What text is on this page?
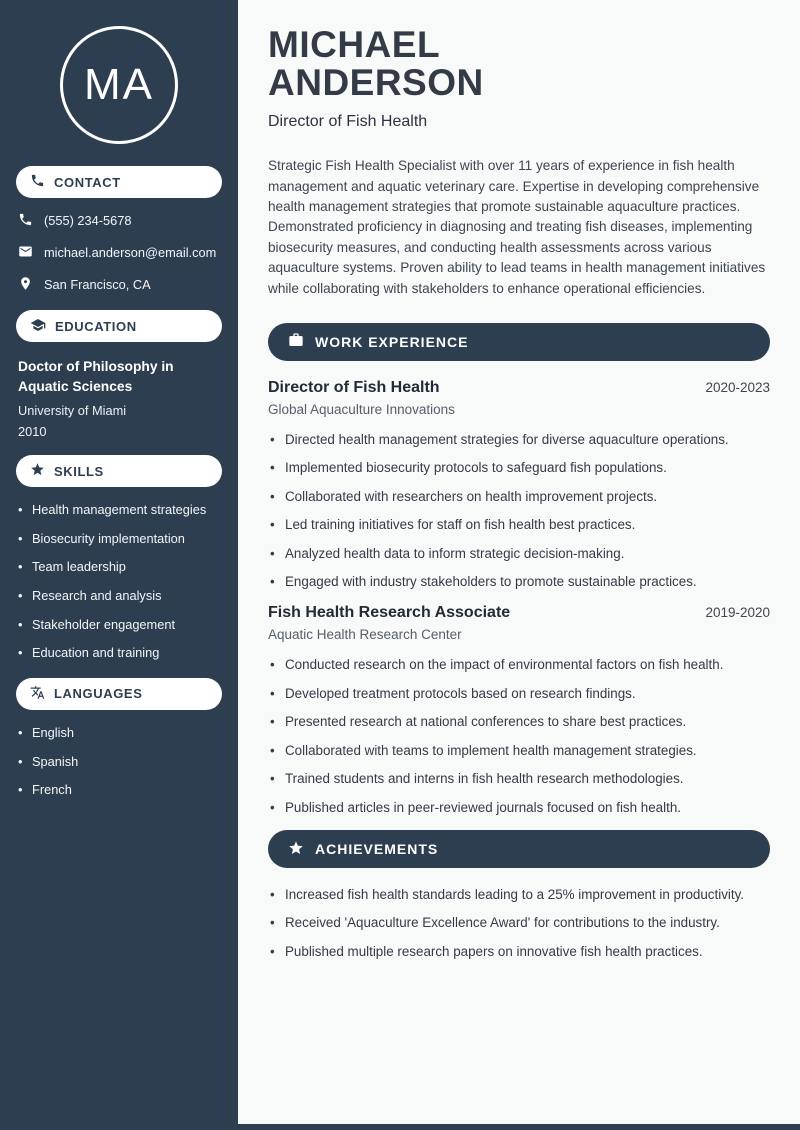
MA
CONTACT
(555) 234-5678
michael.anderson@email.com
San Francisco, CA
EDUCATION
Doctor of Philosophy in Aquatic Sciences
University of Miami
2010
SKILLS
• Health management strategies
• Biosecurity implementation
• Team leadership
• Research and analysis
• Stakeholder engagement
• Education and training
LANGUAGES
• English
• Spanish
• French
MICHAEL
ANDERSON
Director of Fish Health

Strategic Fish Health Specialist with over 11 years of experience in fish health management and aquatic veterinary care. Expertise in developing comprehensive health management strategies that promote sustainable aquaculture practices. Demonstrated proficiency in diagnosing and treating fish diseases, implementing biosecurity measures, and conducting health assessments across various aquaculture systems. Proven ability to lead teams in health management initiatives while collaborating with stakeholders to enhance operational efficiencies.

WORK EXPERIENCE
Director of Fish Health	2020-2023
Global Aquaculture Innovations
• Directed health management strategies for diverse aquaculture operations.
• Implemented biosecurity protocols to safeguard fish populations.
• Collaborated with researchers on health improvement projects.
• Led training initiatives for staff on fish health best practices.
• Analyzed health data to inform strategic decision-making.
• Engaged with industry stakeholders to promote sustainable practices.
Fish Health Research Associate	2019-2020
Aquatic Health Research Center
• Conducted research on the impact of environmental factors on fish health.
• Developed treatment protocols based on research findings.
• Presented research at national conferences to share best practices.
• Collaborated with teams to implement health management strategies.
• Trained students and interns in fish health research methodologies.
• Published articles in peer-reviewed journals focused on fish health.
ACHIEVEMENTS
• Increased fish health standards leading to a 25% improvement in productivity.
• Received 'Aquaculture Excellence Award' for contributions to the industry.
• Published multiple research papers on innovative fish health practices.
